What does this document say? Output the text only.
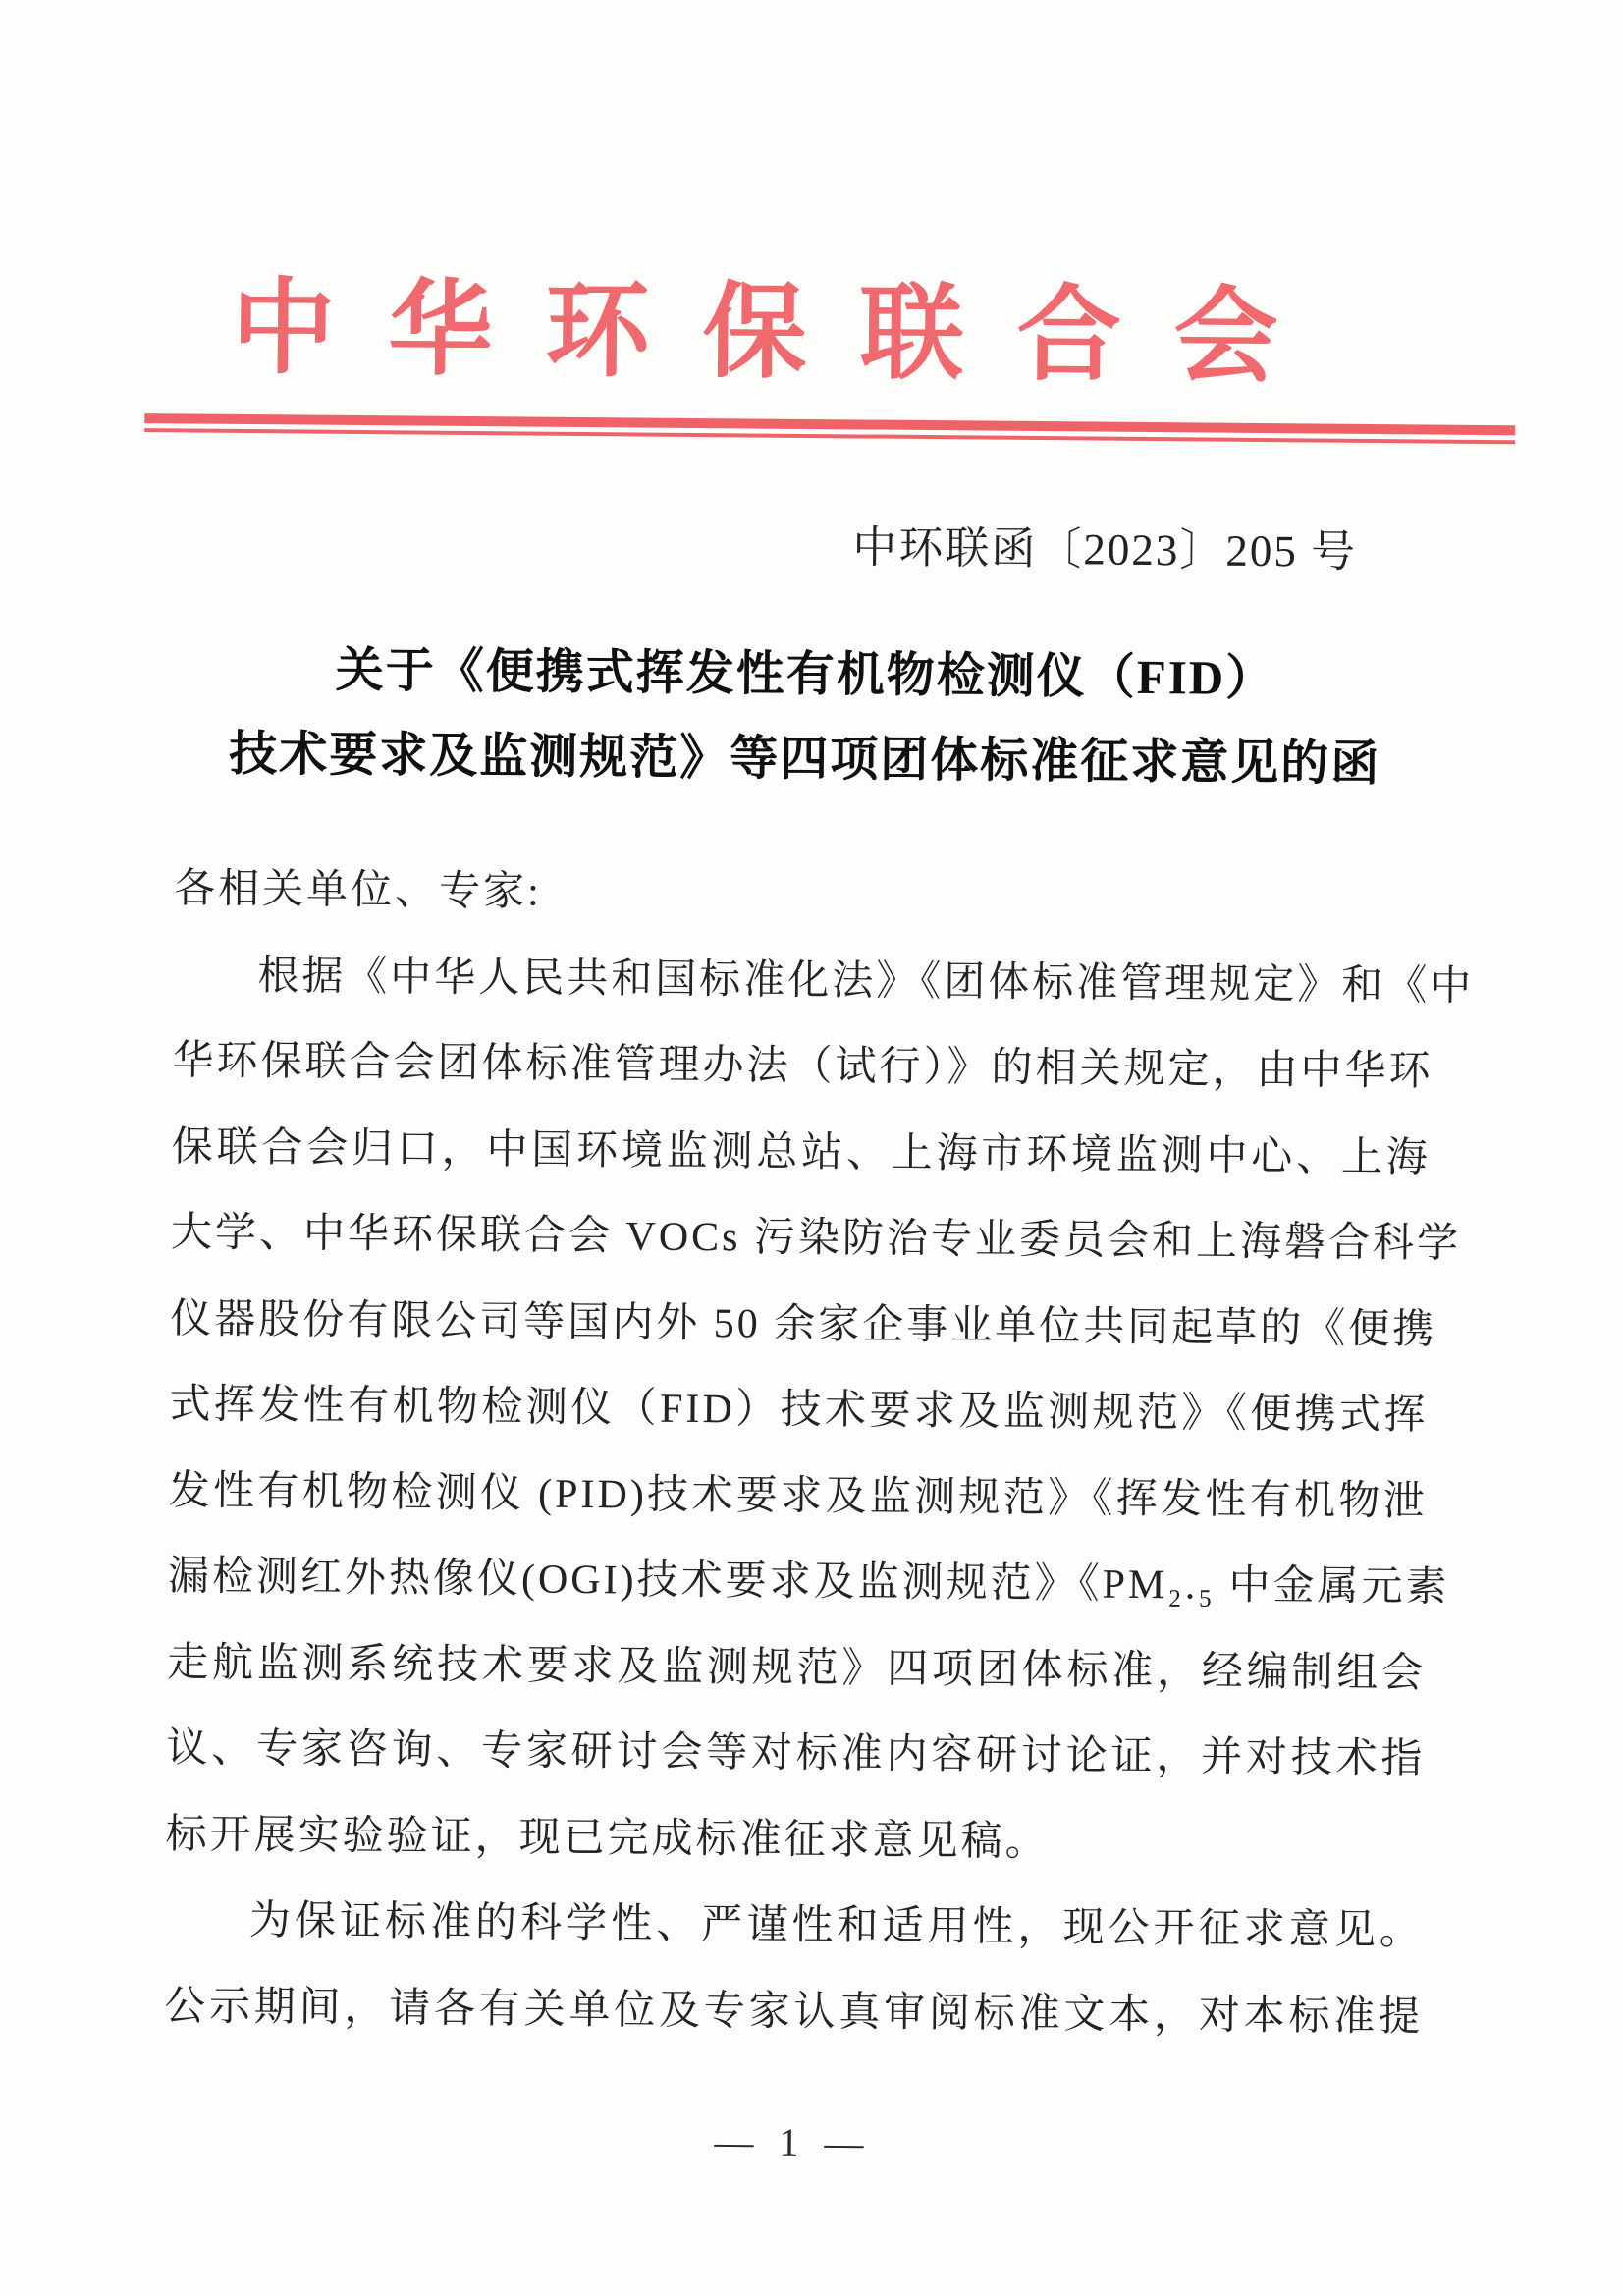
中华环保联合会
中环联函〔2023〕205 号
关于《便携式挥发性有机物检测仪（FID）
技术要求及监测规范》等四项团体标准征求意见的函
各相关单位、专家:
根据《中华人民共和国标准化法》《团体标准管理规定》和《中
华环保联合会团体标准管理办法（试行）》的相关规定，由中华环
保联合会归口，中国环境监测总站、上海市环境监测中心、上海
大学、中华环保联合会 VOCs 污染防治专业委员会和上海磐合科学
仪器股份有限公司等国内外 50 余家企事业单位共同起草的《便携
式挥发性有机物检测仪（FID）技术要求及监测规范》《便携式挥
发性有机物检测仪 (PID)技术要求及监测规范》《挥发性有机物泄
漏检测红外热像仪(OGI)技术要求及监测规范》《PM₂.₅ 中金属元素
走航监测系统技术要求及监测规范》四项团体标准，经编制组会
议、专家咨询、专家研讨会等对标准内容研讨论证，并对技术指
标开展实验验证，现已完成标准征求意见稿。
为保证标准的科学性、严谨性和适用性，现公开征求意见。
公示期间，请各有关单位及专家认真审阅标准文本，对本标准提
— 1 —
